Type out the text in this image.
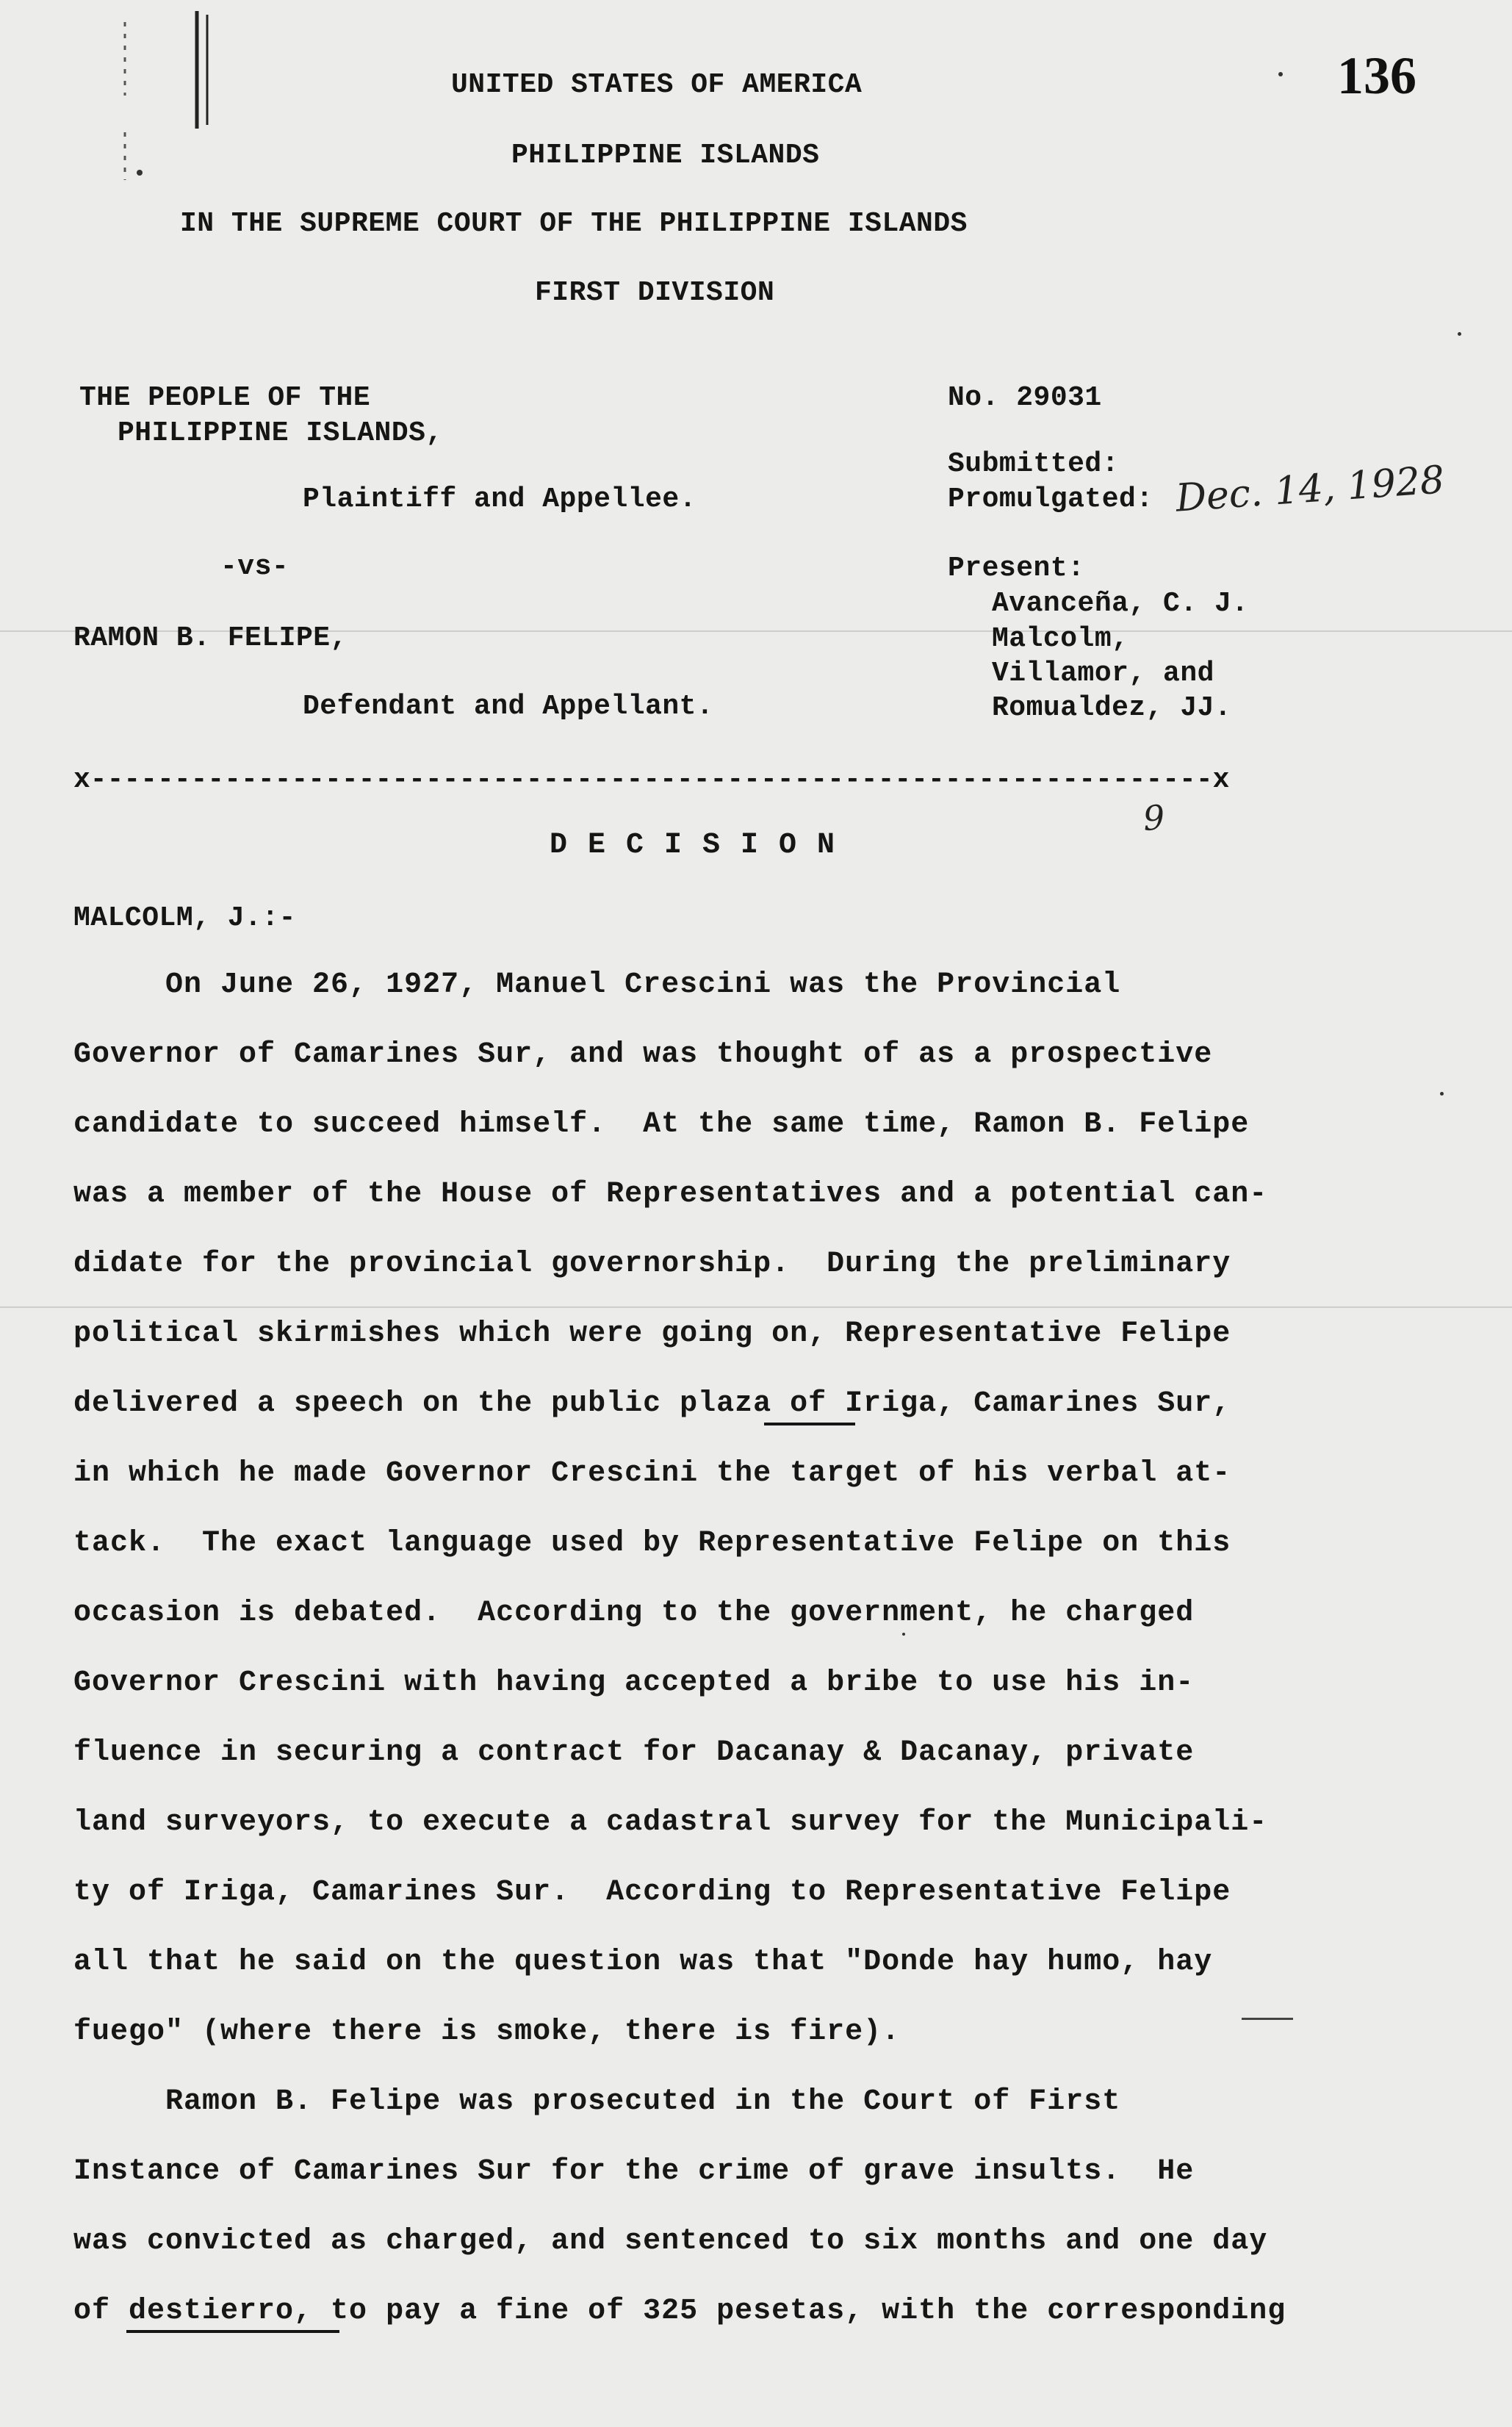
136
UNITED STATES OF AMERICA
PHILIPPINE ISLANDS
IN THE SUPREME COURT OF THE PHILIPPINE ISLANDS
FIRST DIVISION
THE PEOPLE OF THE
PHILIPPINE ISLANDS,
Plaintiff and Appellee.
-vs-
RAMON B. FELIPE,
Defendant and Appellant.
No. 29031
Submitted:
Promulgated: Dec. 14, 1928
Present:
Avanceña, C. J.
Malcolm,
Villamor, and
Romualdez, JJ.
x-------------------------------------------------------------------x
9
D E C I S I O N
MALCOLM, J.:-
On June 26, 1927, Manuel Crescini was the Provincial
Governor of Camarines Sur, and was thought of as a prospective
candidate to succeed himself.  At the same time, Ramon B. Felipe
was a member of the House of Representatives and a potential can-
didate for the provincial governorship.  During the preliminary
political skirmishes which were going on, Representative Felipe
delivered a speech on the public plaza of Iriga, Camarines Sur,
in which he made Governor Crescini the target of his verbal at-
tack.  The exact language used by Representative Felipe on this
occasion is debated.  According to the government, he charged
Governor Crescini with having accepted a bribe to use his in-
fluence in securing a contract for Dacanay & Dacanay, private
land surveyors, to execute a cadastral survey for the Municipali-
ty of Iriga, Camarines Sur.  According to Representative Felipe
all that he said on the question was that "Donde hay humo, hay
fuego" (where there is smoke, there is fire).
Ramon B. Felipe was prosecuted in the Court of First
Instance of Camarines Sur for the crime of grave insults.  He
was convicted as charged, and sentenced to six months and one day
of destierro, to pay a fine of 325 pesetas, with the corresponding
